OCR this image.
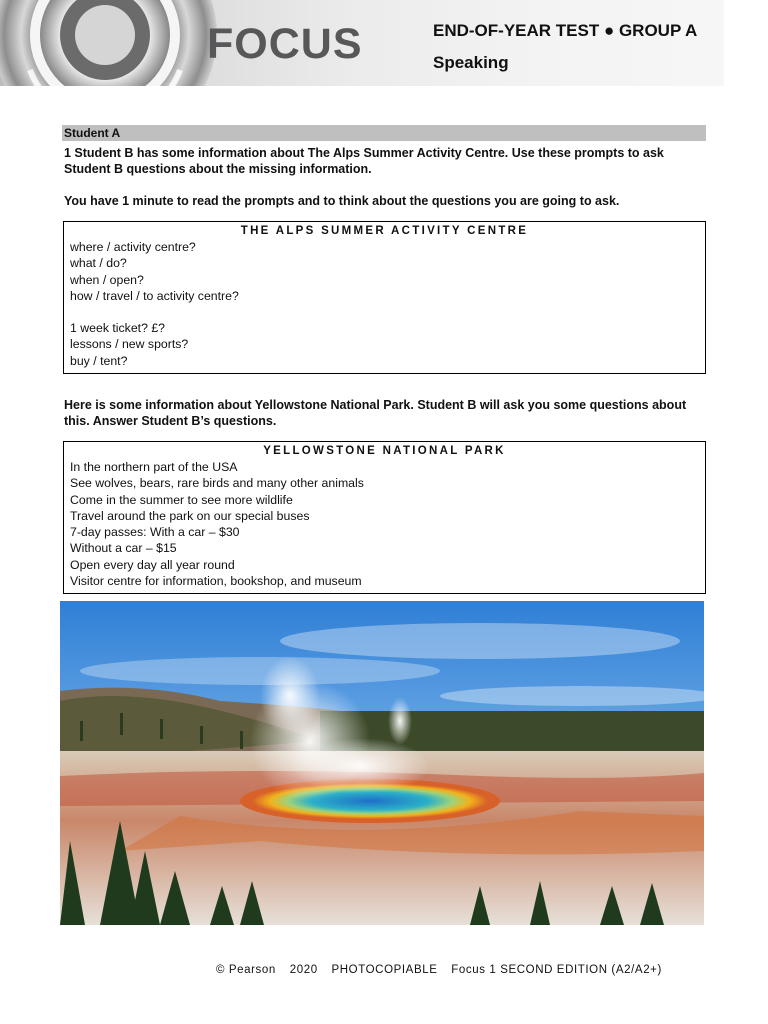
FOCUS	END-OF-YEAR TEST ● GROUP A
Speaking
Student A
1 Student B has some information about The Alps Summer Activity Centre. Use these prompts to ask Student B questions about the missing information.
You have 1 minute to read the prompts and to think about the questions you are going to ask.
THE ALPS SUMMER ACTIVITY CENTRE
where / activity centre?
what / do?
when / open?
how / travel / to activity centre?
1 week ticket? £?
lessons / new sports?
buy / tent?
Here is some information about Yellowstone National Park. Student B will ask you some questions about this. Answer Student B’s questions.
YELLOWSTONE NATIONAL PARK
In the northern part of the USA
See wolves, bears, rare birds and many other animals
Come in the summer to see more wildlife
Travel around the park on our special buses
7-day passes: With a car – $30
Without a car – $15
Open every day all year round
Visitor centre for information, bookshop, and museum
© Pearson 2020 PHOTOCOPIABLE Focus 1 SECOND EDITION (A2/A2+)
